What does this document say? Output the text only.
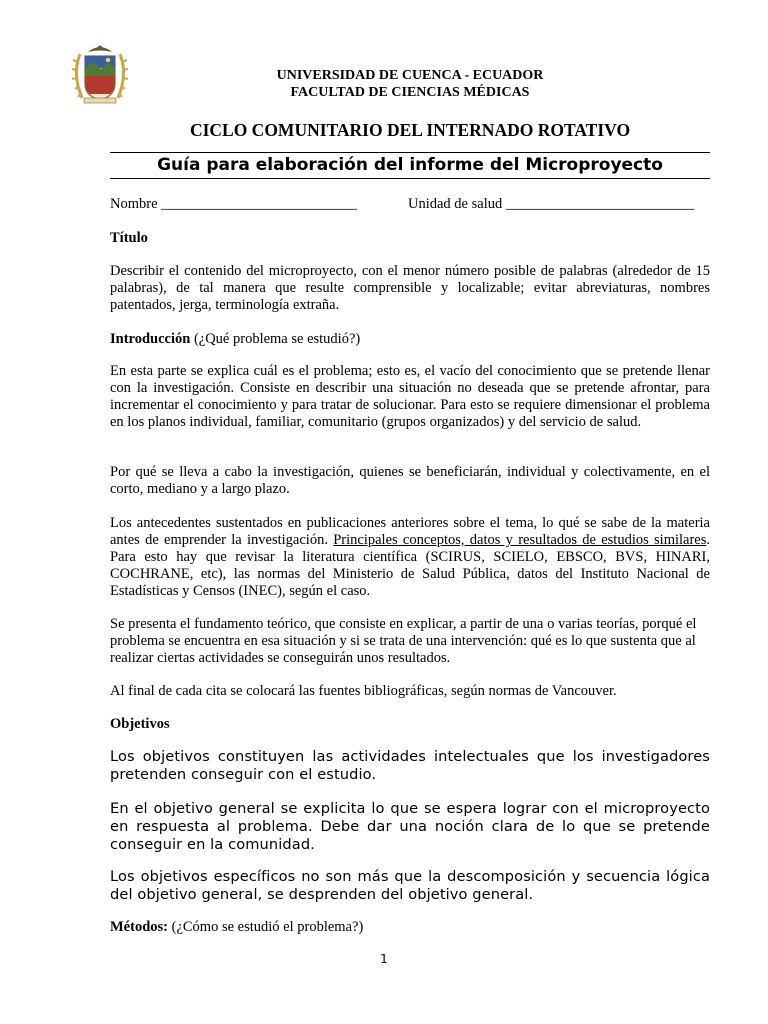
UNIVERSIDAD DE CUENCA - ECUADOR
FACULTAD DE CIENCIAS MÉDICAS
CICLO COMUNITARIO DEL INTERNADO ROTATIVO
Guía para elaboración del informe del Microproyecto
Nombre ___________________________	Unidad de salud __________________________
Título
Describir el contenido del microproyecto, con el menor número posible de palabras (alrededor de 15 palabras), de tal manera que resulte comprensible y localizable; evitar abreviaturas, nombres patentados, jerga, terminología extraña.
Introducción (¿Qué problema se estudió?)
En esta parte se explica cuál es el problema; esto es, el vacío del conocimiento que se pretende llenar con la investigación. Consiste en describir una situación no deseada que se pretende afrontar, para incrementar el conocimiento y para tratar de solucionar. Para esto se requiere dimensionar el problema en los planos individual, familiar, comunitario (grupos organizados) y del servicio de salud.
Por qué se lleva a cabo la investigación, quienes se beneficiarán, individual y colectivamente, en el corto, mediano y a largo plazo.
Los antecedentes sustentados en publicaciones anteriores sobre el tema, lo qué se sabe de la materia antes de emprender la investigación. Principales conceptos, datos y resultados de estudios similares. Para esto hay que revisar la literatura científica (SCIRUS, SCIELO, EBSCO, BVS, HINARI, COCHRANE, etc), las normas del Ministerio de Salud Pública, datos del Instituto Nacional de Estadísticas y Censos (INEC), según el caso.
Se presenta el fundamento teórico, que consiste en explicar, a partir de una o varias teorías, porqué el problema se encuentra en esa situación y si se trata de una intervención: qué es lo que sustenta que al realizar ciertas actividades se conseguirán unos resultados.
Al final de cada cita se colocará las fuentes bibliográficas, según normas de Vancouver.
Objetivos
Los objetivos constituyen las actividades intelectuales que los investigadores pretenden conseguir con el estudio.
En el objetivo general se explicita lo que se espera lograr con el microproyecto en respuesta al problema. Debe dar una noción clara de lo que se pretende conseguir en la comunidad.
Los objetivos específicos no son más que la descomposición y secuencia lógica del objetivo general, se desprenden del objetivo general.
Métodos: (¿Cómo se estudió el problema?)
1
